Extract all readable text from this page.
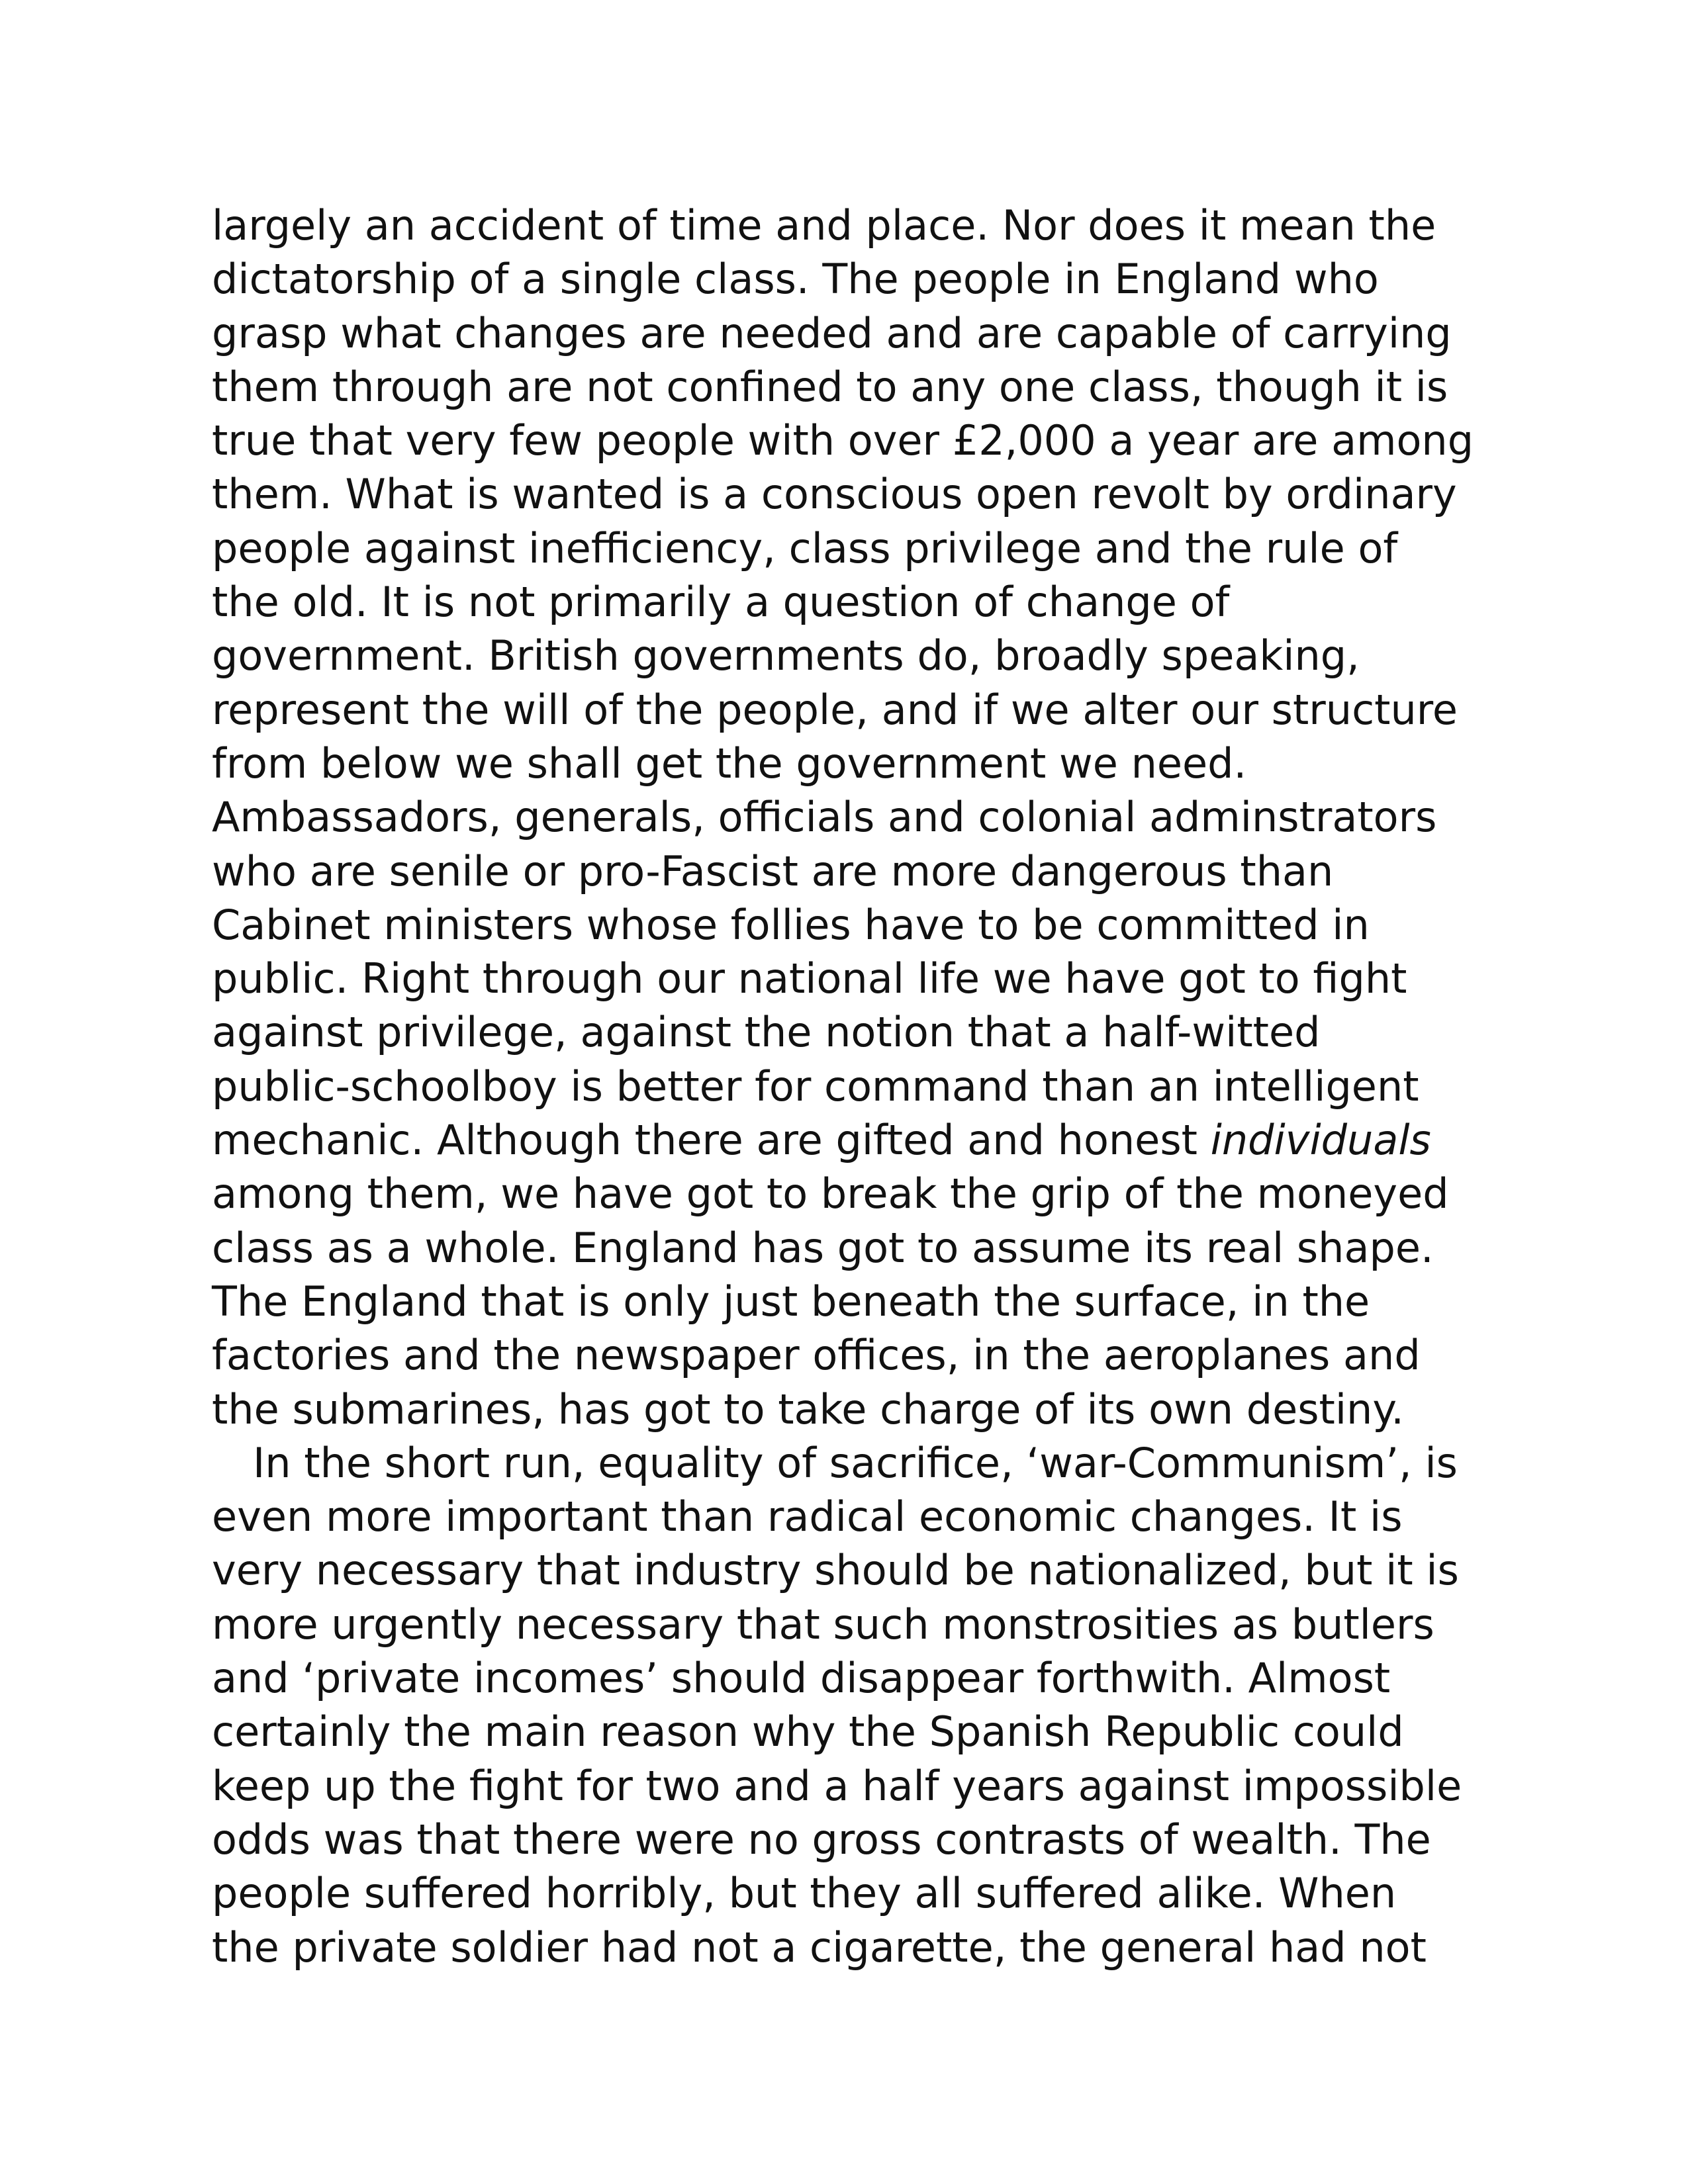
largely an accident of time and place. Nor does it mean the
dictatorship of a single class. The people in England who
grasp what changes are needed and are capable of carrying
them through are not confined to any one class, though it is
true that very few people with over £2,000 a year are among
them. What is wanted is a conscious open revolt by ordinary
people against inefficiency, class privilege and the rule of
the old. It is not primarily a question of change of
government. British governments do, broadly speaking,
represent the will of the people, and if we alter our structure
from below we shall get the government we need.
Ambassadors, generals, officials and colonial adminstrators
who are senile or pro-Fascist are more dangerous than
Cabinet ministers whose follies have to be committed in
public. Right through our national life we have got to fight
against privilege, against the notion that a half-witted
public-schoolboy is better for command than an intelligent
mechanic. Although there are gifted and honest individuals
among them, we have got to break the grip of the moneyed
class as a whole. England has got to assume its real shape.
The England that is only just beneath the surface, in the
factories and the newspaper offices, in the aeroplanes and
the submarines, has got to take charge of its own destiny.
In the short run, equality of sacrifice, ‘war-Communism’, is
even more important than radical economic changes. It is
very necessary that industry should be nationalized, but it is
more urgently necessary that such monstrosities as butlers
and ‘private incomes’ should disappear forthwith. Almost
certainly the main reason why the Spanish Republic could
keep up the fight for two and a half years against impossible
odds was that there were no gross contrasts of wealth. The
people suffered horribly, but they all suffered alike. When
the private soldier had not a cigarette, the general had not
